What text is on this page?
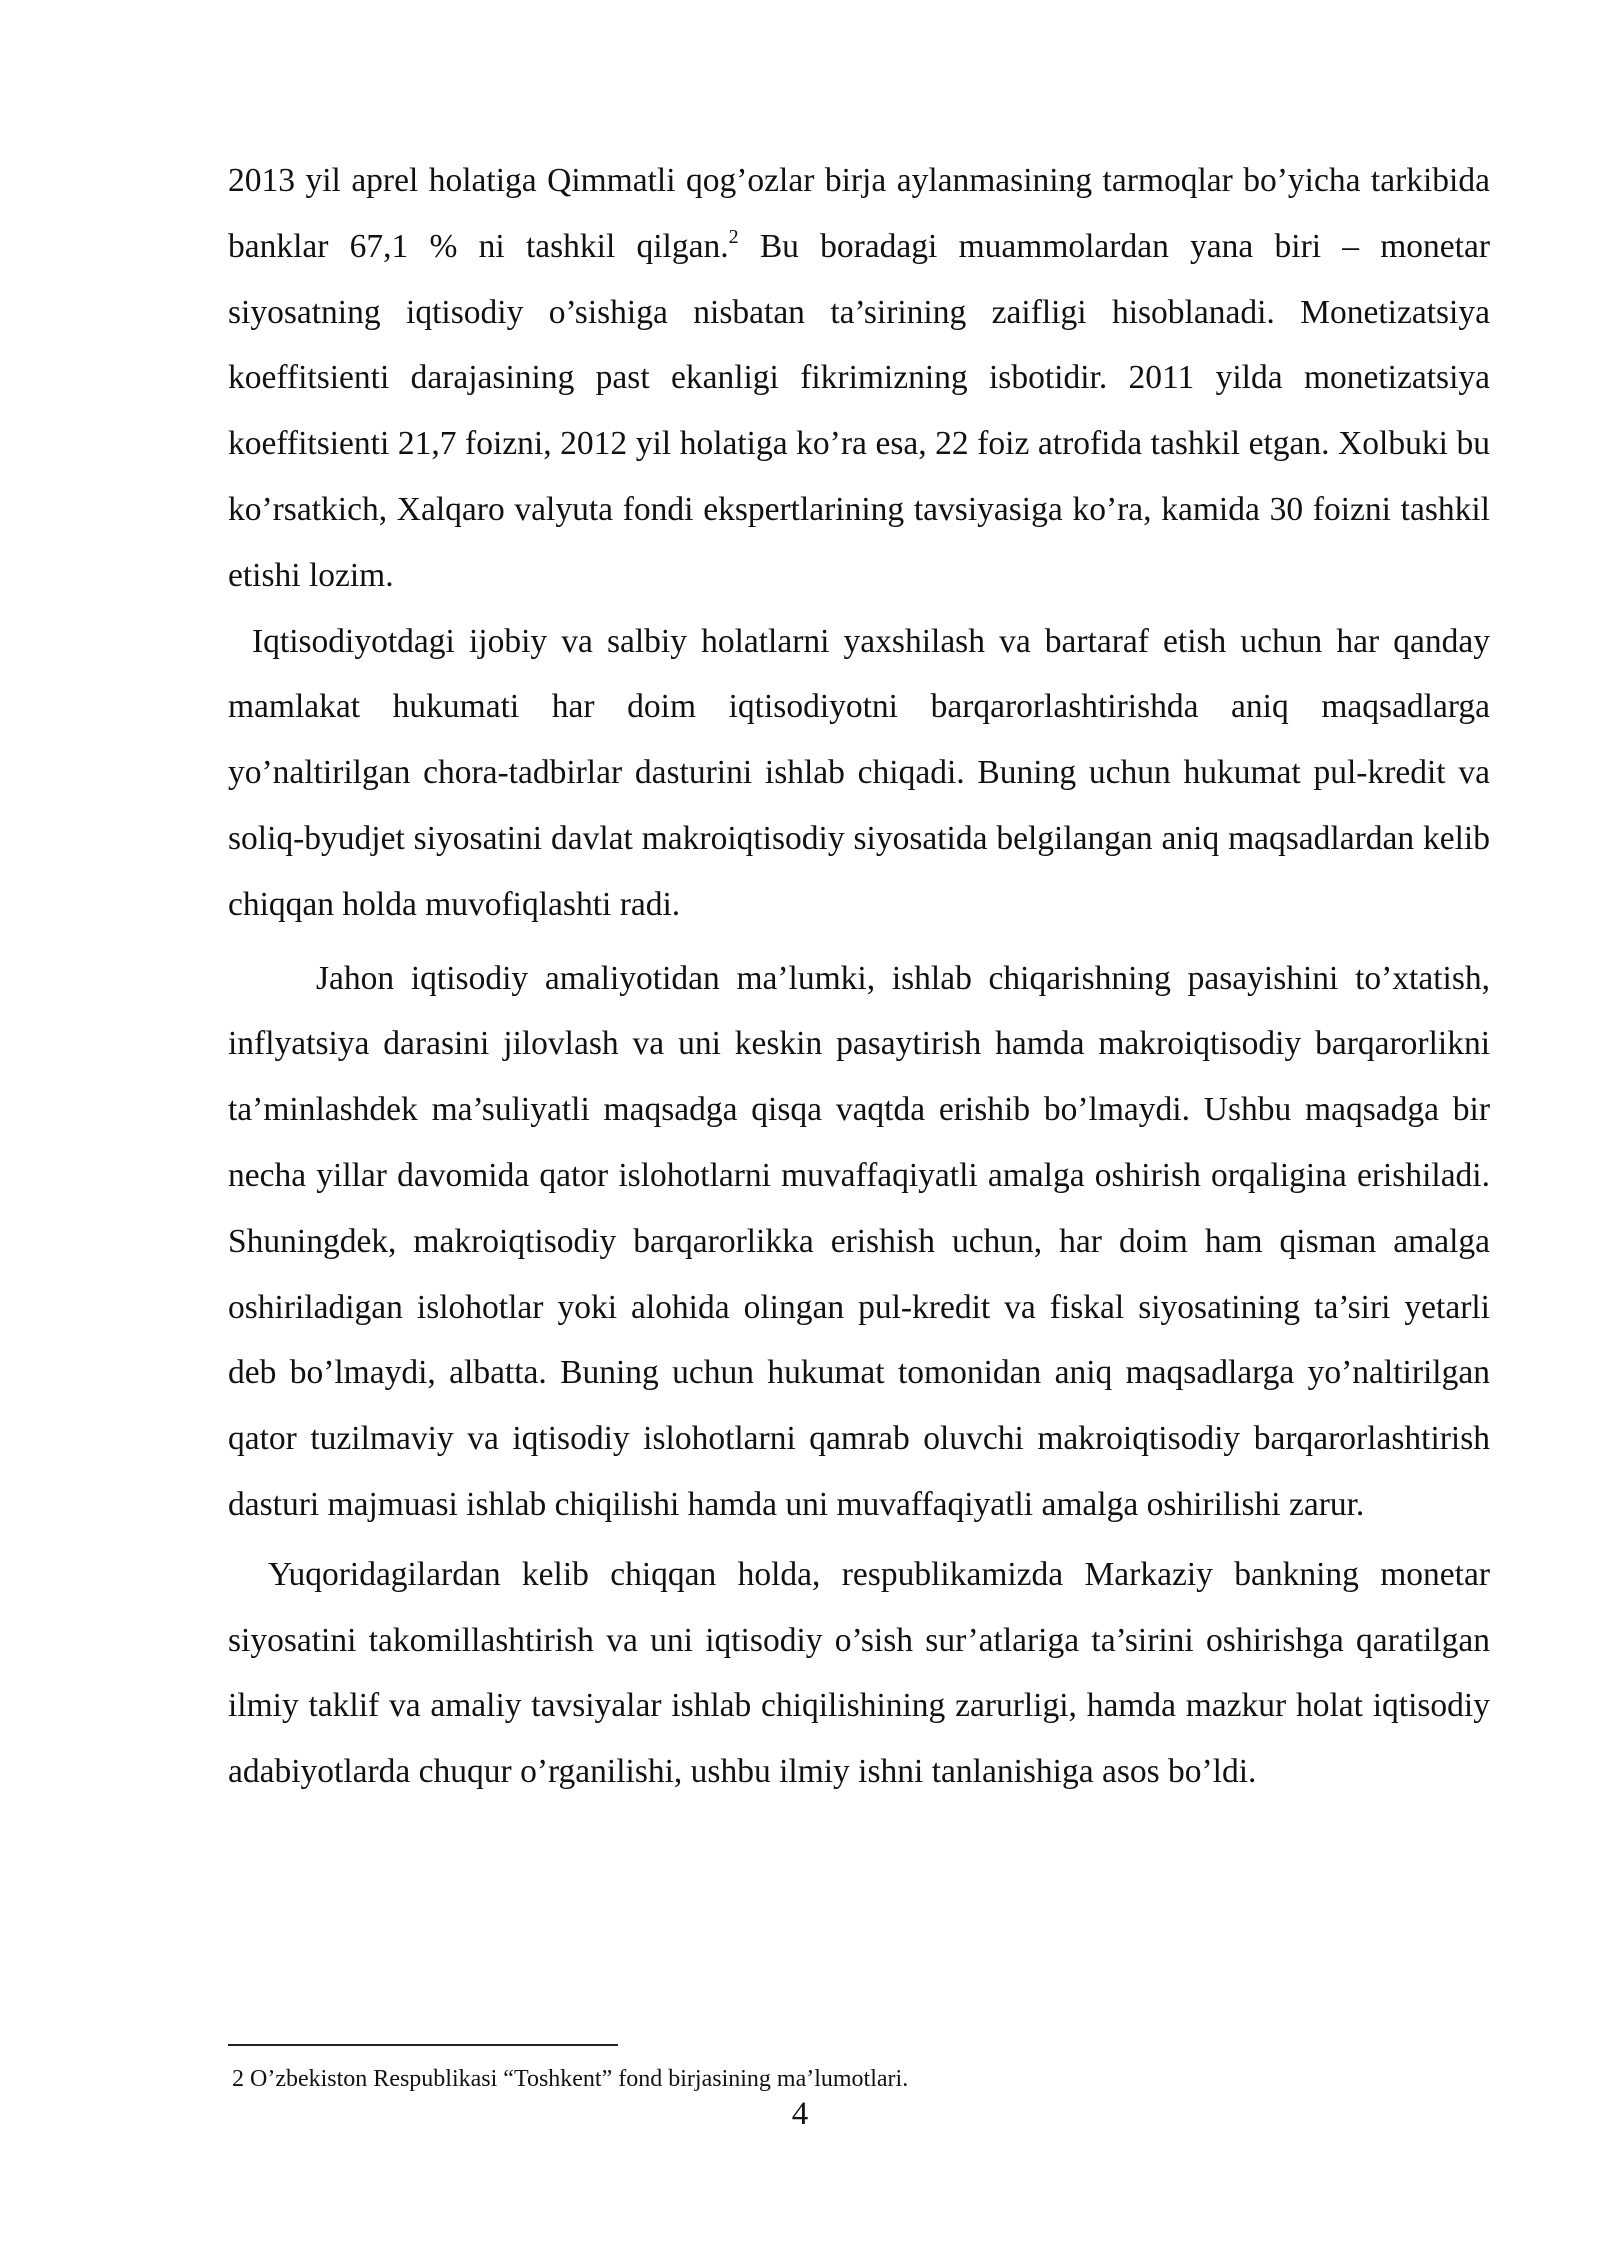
2013 yil aprel holatiga Qimmatli qog’ozlar birja aylanmasining tarmoqlar bo’yicha tarkibida banklar 67,1 % ni tashkil qilgan.$^2$ Bu boradagi muammolardan yana biri – monetar siyosatning iqtisodiy o’sishiga nisbatan ta’sirining zaifligi hisoblanadi. Monetizatsiya koeffitsienti darajasining past ekanligi fikrimizning isbotidir. 2011 yilda monetizatsiya koeffitsienti 21,7 foizni, 2012 yil holatiga ko’ra esa, 22 foiz atrofida tashkil etgan. Xolbuki bu ko’rsatkich, Xalqaro valyuta fondi ekspertlarining tavsiyasiga ko’ra, kamida 30 foizni tashkil etishi lozim.

Iqtisodiyotdagi ijobiy va salbiy holatlarni yaxshilash va bartaraf etish uchun har qanday mamlakat hukumati har doim iqtisodiyotni barqarorlashtirishda aniq maqsadlarga yo’naltirilgan chora-tadbirlar dasturini ishlab chiqadi. Buning uchun hukumat pul-kredit va soliq-byudjet siyosatini davlat makroiqtisodiy siyosatida belgilangan aniq maqsadlardan kelib chiqqan holda muvofiqlashti radi.

Jahon iqtisodiy amaliyotidan ma’lumki, ishlab chiqarishning pasayishini to’xtatish, inflyatsiya darasini jilovlash va uni keskin pasaytirish hamda makroiqtisodiy barqarorlikni ta’minlashdek ma’suliyatli maqsadga qisqa vaqtda erishib bo’lmaydi. Ushbu maqsadga bir necha yillar davomida qator islohotlarni muvaffaqiyatli amalga oshirish orqaligina erishiladi. Shuningdek, makroiqtisodiy barqarorlikka erishish uchun, har doim ham qisman amalga oshiriladigan islohotlar yoki alohida olingan pul-kredit va fiskal siyosatining ta’siri yetarli deb bo’lmaydi, albatta. Buning uchun hukumat tomonidan aniq maqsadlarga yo’naltirilgan qator tuzilmaviy va iqtisodiy islohotlarni qamrab oluvchi makroiqtisodiy barqarorlashtirish dasturi majmuasi ishlab chiqilishi hamda uni muvaffaqiyatli amalga oshirilishi zarur.

Yuqoridagilardan kelib chiqqan holda, respublikamizda Markaziy bankning monetar siyosatini takomillashtirish va uni iqtisodiy o’sish sur’atlariga ta’sirini oshirishga qaratilgan ilmiy taklif va amaliy tavsiyalar ishlab chiqilishining zarurligi, hamda mazkur holat iqtisodiy adabiyotlarda chuqur o’rganilishi, ushbu ilmiy ishni tanlanishiga asos bo’ldi.

2 O’zbekiston Respublikasi “Toshkent” fond birjasining ma’lumotlari.
4
